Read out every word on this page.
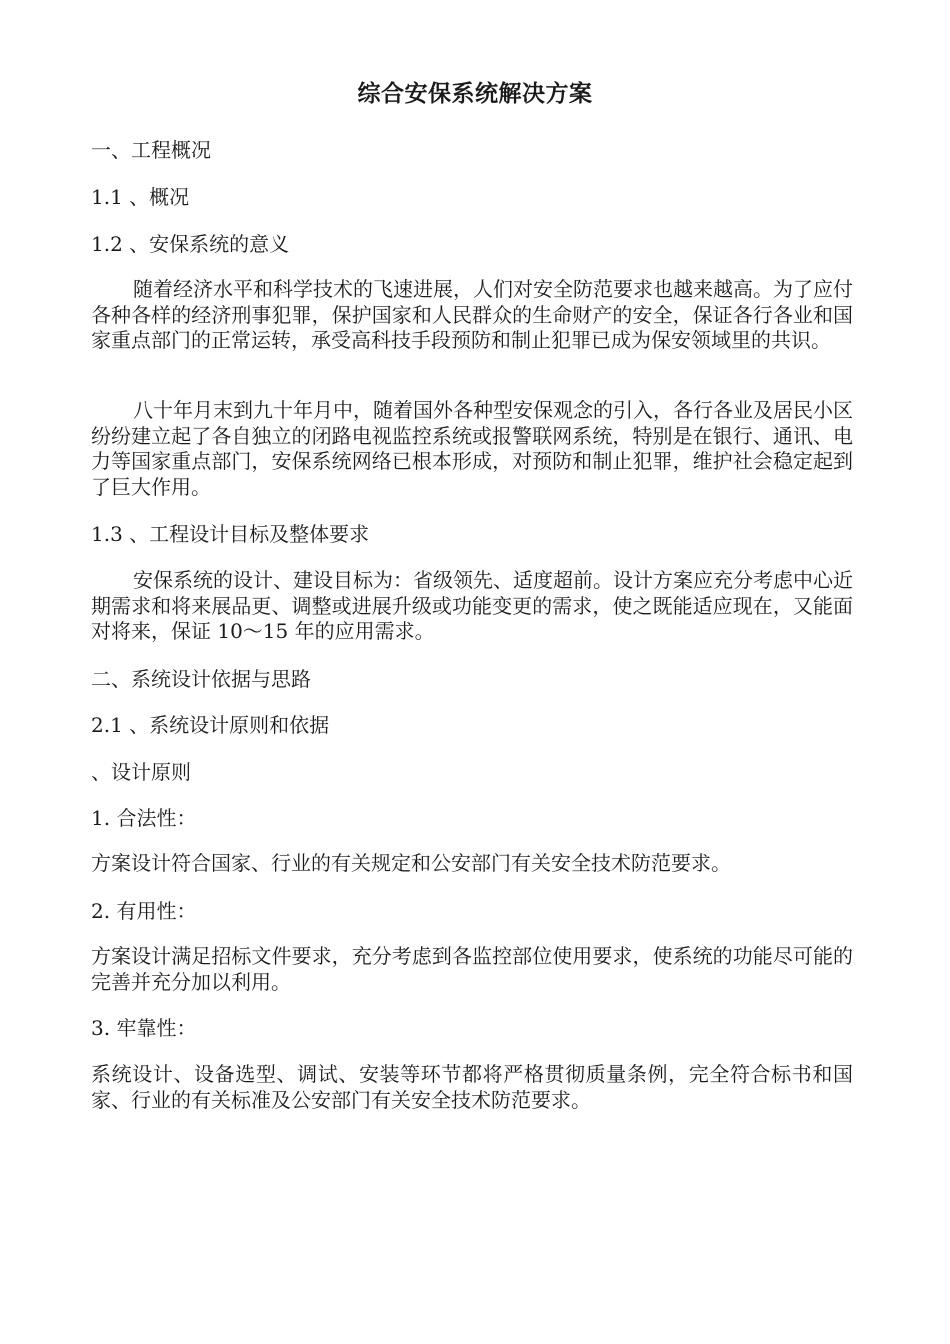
综合安保系统解决方案
一、工程概况
1.1 、概况
1.2 、安保系统的意义
随着经济水平和科学技术的飞速进展，人们对安全防范要求也越来越高。为了应付各种各样的经济刑事犯罪，保护国家和人民群众的生命财产的安全，保证各行各业和国家重点部门的正常运转，承受高科技手段预防和制止犯罪已成为保安领域里的共识。
八十年月末到九十年月中，随着国外各种型安保观念的引入，各行各业及居民小区纷纷建立起了各自独立的闭路电视监控系统或报警联网系统，特别是在银行、通讯、电力等国家重点部门，安保系统网络已根本形成，对预防和制止犯罪，维护社会稳定起到了巨大作用。
1.3 、工程设计目标及整体要求
安保系统的设计、建设目标为：省级领先、适度超前。设计方案应充分考虑中心近期需求和将来展品更、调整或进展升级或功能变更的需求，使之既能适应现在，又能面对将来，保证 10～15 年的应用需求。
二、系统设计依据与思路
2.1 、系统设计原则和依据
、设计原则
1. 合法性：
方案设计符合国家、行业的有关规定和公安部门有关安全技术防范要求。
2. 有用性：
方案设计满足招标文件要求，充分考虑到各监控部位使用要求，使系统的功能尽可能的完善并充分加以利用。
3. 牢靠性：
系统设计、设备选型、调试、安装等环节都将严格贯彻质量条例，完全符合标书和国家、行业的有关标准及公安部门有关安全技术防范要求。
